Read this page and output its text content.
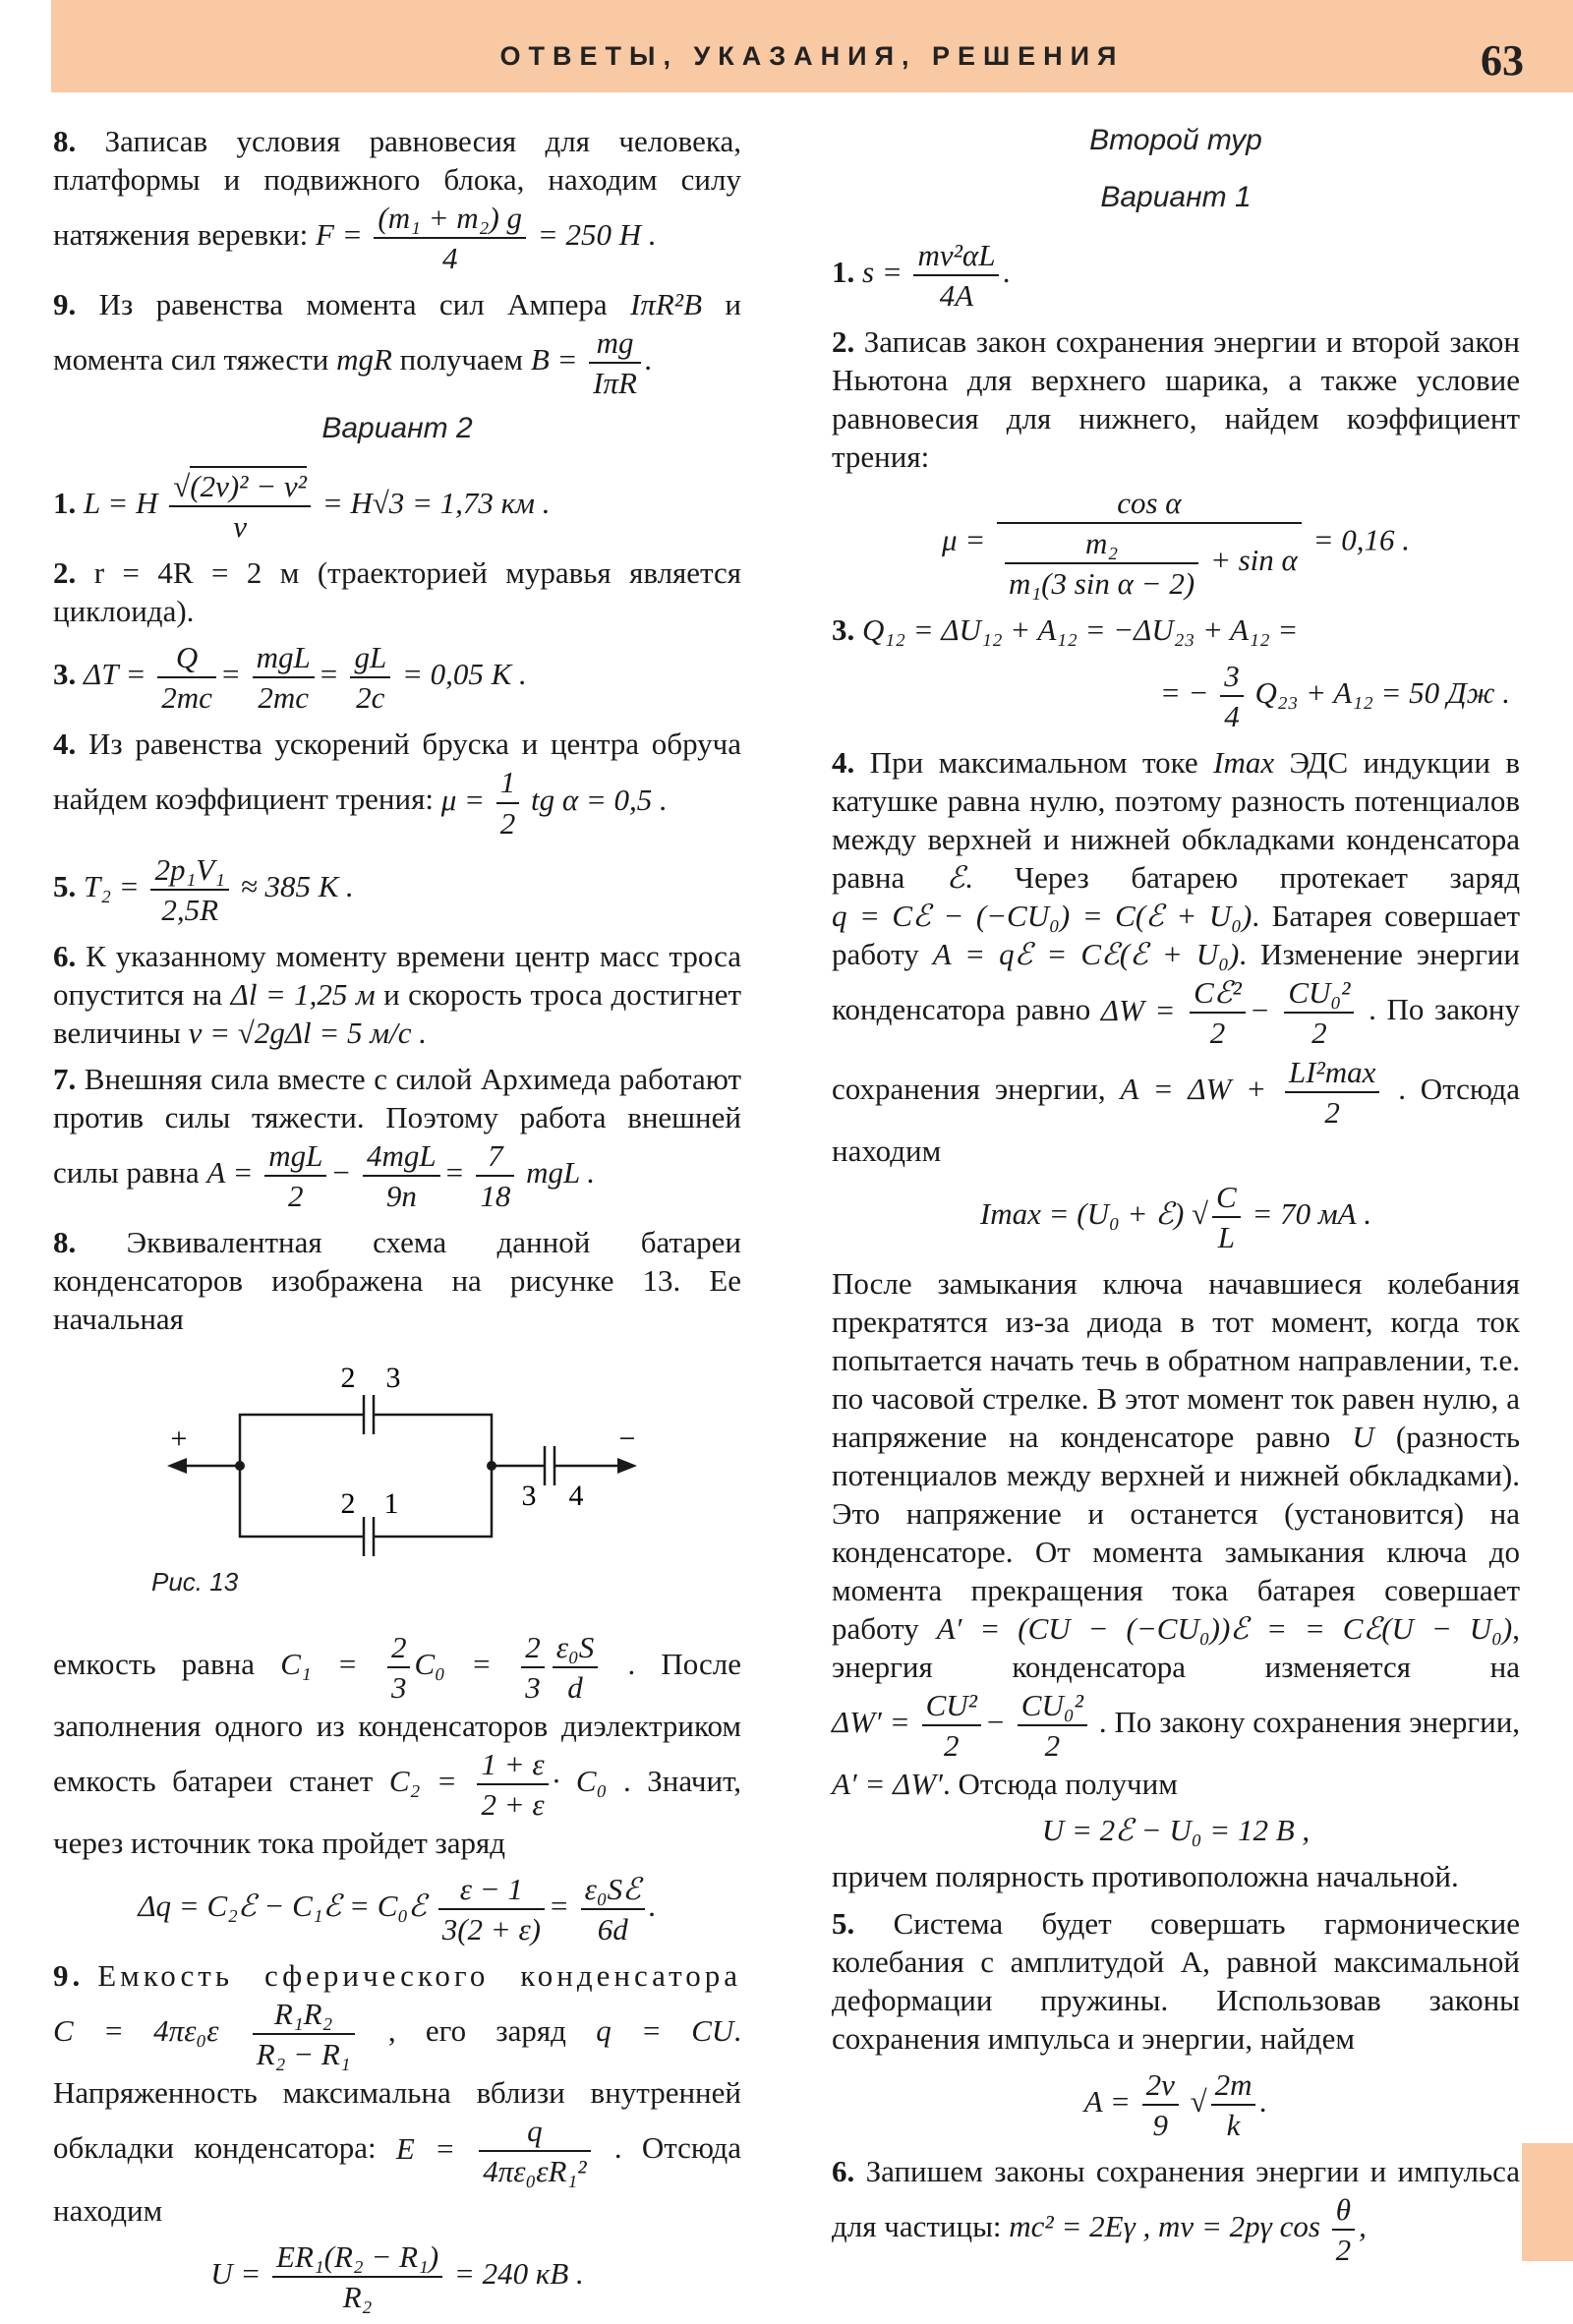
ОТВЕТЫ, УКАЗАНИЯ, РЕШЕНИЯ	63

8. Записав условия равновесия для человека, платформы и подвижного блока, находим силу натяжения веревки: $F = \frac{\text{(m₁ + m₂) g}}{4} = 250$ Н .

9. Из равенства момента сил Ампера IπR²B и момента сил тяжести mgR получаем $B = \frac{mg}{\text{IπR}}$ .

Вариант 2

1. L = H $\frac{\text{√(2v)² − v²}}{v} = H√3 = 1,73$ км .

2. r = 4R = 2 м (траекторией муравья является циклоида).

3. $\Delta T = \frac{Q}{2mc} = \frac{\text{mgL}}{2mc} = \frac{gL}{2c} = 0,05$ К .

4. Из равенства ускорений бруска и центра обруча найдем коэффициент трения: $\mu = \frac{1}{2}$ tg α = 0,5 .

5. $T_2 = \frac{\text{2p₁V₁}}{2,5R} \approx 385$ К .

6. К указанному моменту времени центр масс троса опустится на Δl = 1,25 м и скорость троса достигнет величины v = √2gΔl = 5 м/с .

7. Внешняя сила вместе с силой Архимеда работают против силы тяжести. Поэтому работа внешней силы равна $A = \frac{\text{mgL}}{2} - \frac{\text{4mgL}}{9n} = \frac{7}{18}$ mgL .

8. Эквивалентная схема данной батареи конденсаторов изображена на рисунке 13. Ее начальная

2 3
2 1	3 4
+	−
Рис. 13

емкость равна $C_1 = \frac{2}{3} C_0 = \frac{2}{3} \frac{\text{ε₀S}}{d}$ . После заполнения одного из конденсаторов диэлектриком емкость батареи станет $C_2 = \frac{1 + \varepsilon}{2 + \varepsilon} \cdot C_0$ . Значит, через источник тока пройдет заряд

Δq = C₂ℰ − C₁ℰ = C₀ℰ $\frac{\varepsilon - 1}{3(2 + \varepsilon)} = \frac{\text{ε₀Sℰ}}{6d}$ .

9. Емкость сферического конденсатора $C = 4\pi\varepsilon_0\varepsilon \frac{\text{R₁R₂}}{\text{R₂ − R₁}}$ , его заряд q = CU. Напряженность максимальна вблизи внутренней обкладки конденсатора: $E = \frac{q}{\text{4πε₀εR₁²}}$ . Отсюда находим

$U = \frac{\text{ER₁(R₂ − R₁)}}{\text{R₂}} = 240$ кВ .

Второй тур
Вариант 1

1. $s = \frac{\text{mv²αL}}{4A}$ .

2. Записав закон сохранения энергии и второй закон Ньютона для верхнего шарика, а также условие равновесия для нижнего, найдем коэффициент трения:

$\mu = \frac{\text{cos α}}{\frac{\text{m₂}}{\text{m₁(3 sin α − 2)}} + \sin \alpha} = 0,16$ .

3. Q₁₂ = ΔU₁₂ + A₁₂ = −ΔU₂₃ + A₁₂ =

= − $\frac{3}{4} Q_{23} + A_{12} = 50$ Дж .

4. При максимальном токе Imax ЭДС индукции в катушке равна нулю, поэтому разность потенциалов между верхней и нижней обкладками конденсатора равна ℰ. Через батарею протекает заряд q = Cℰ − (−CU₀) = C(ℰ + U₀). Батарея совершает работу A = qℰ = Cℰ(ℰ + U₀). Изменение энергии конденсатора равно $\Delta W = \frac{\text{Cℰ²}}{2} - \frac{\text{CU₀²}}{2}$ . По закону сохранения энергии, $A = \Delta W + \frac{\text{LI²max}}{2}$ . Отсюда находим

Imax = (U₀ + ℰ) √ $\frac{C}{L} = 70$ мА .

После замыкания ключа начавшиеся колебания прекратятся из-за диода в тот момент, когда ток попытается начать течь в обратном направлении, т.е. по часовой стрелке. В этот момент ток равен нулю, а напряжение на конденсаторе равно U (разность потенциалов между верхней и нижней обкладками). Это напряжение и останется (установится) на конденсаторе. От момента замыкания ключа до момента прекращения тока батарея совершает работу A′ = (CU − (−CU₀))ℰ = = Cℰ(U − U₀), энергия конденсатора изменяется на $\Delta W' = \frac{\text{CU²}}{2} - \frac{\text{CU₀²}}{2}$ . По закону сохранения энергии, A′ = ΔW′. Отсюда получим

U = 2ℰ − U₀ = 12 В ,

причем полярность противоположна начальной.

5. Система будет совершать гармонические колебания с амплитудой A, равной максимальной деформации пружины. Использовав законы сохранения импульса и энергии, найдем

$A = \frac{2v}{9}$ √ $\frac{2m}{k}$ .

6. Запишем законы сохранения энергии и импульса для частицы: mc² = 2Eγ , mv = 2pγ $\cos \frac{\theta}{2}$ ,
